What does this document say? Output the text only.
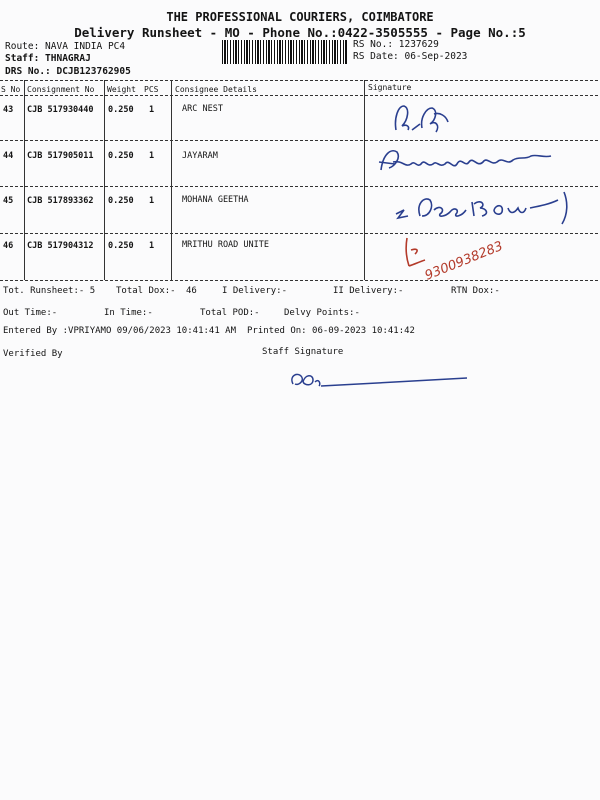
THE PROFESSIONAL COURIERS, COIMBATORE
Delivery Runsheet - MO - Phone No.:0422-3505555 - Page No.:5
Route: NAVA INDIA PC4
Staff: THNAGRAJ
DRS No.: DCJB123762905
RS No.: 1237629
RS Date: 06-Sep-2023
S No Consignment No Weight PCS Consignee Details	Signature
43 CJB 517930440 0.250 1	ARC NEST
44 CJB 517905011 0.250 1	JAYARAM
45 CJB 517893362 0.250 1	MOHANA GEETHA
46 CJB 517904312 0.250 1	MRITHU ROAD UNITE	9300938283
Tot. Runsheet:- 5 Total Dox:- 46	I Delivery:-	II Delivery:-	RTN Dox:-
Out Time:-	In Time:-	Total POD:-	Delvy Points:-
Entered By :VPRIYAMO 09/06/2023 10:41:41 AM Printed On: 06-09-2023 10:41:42
Verified By	Staff Signature
